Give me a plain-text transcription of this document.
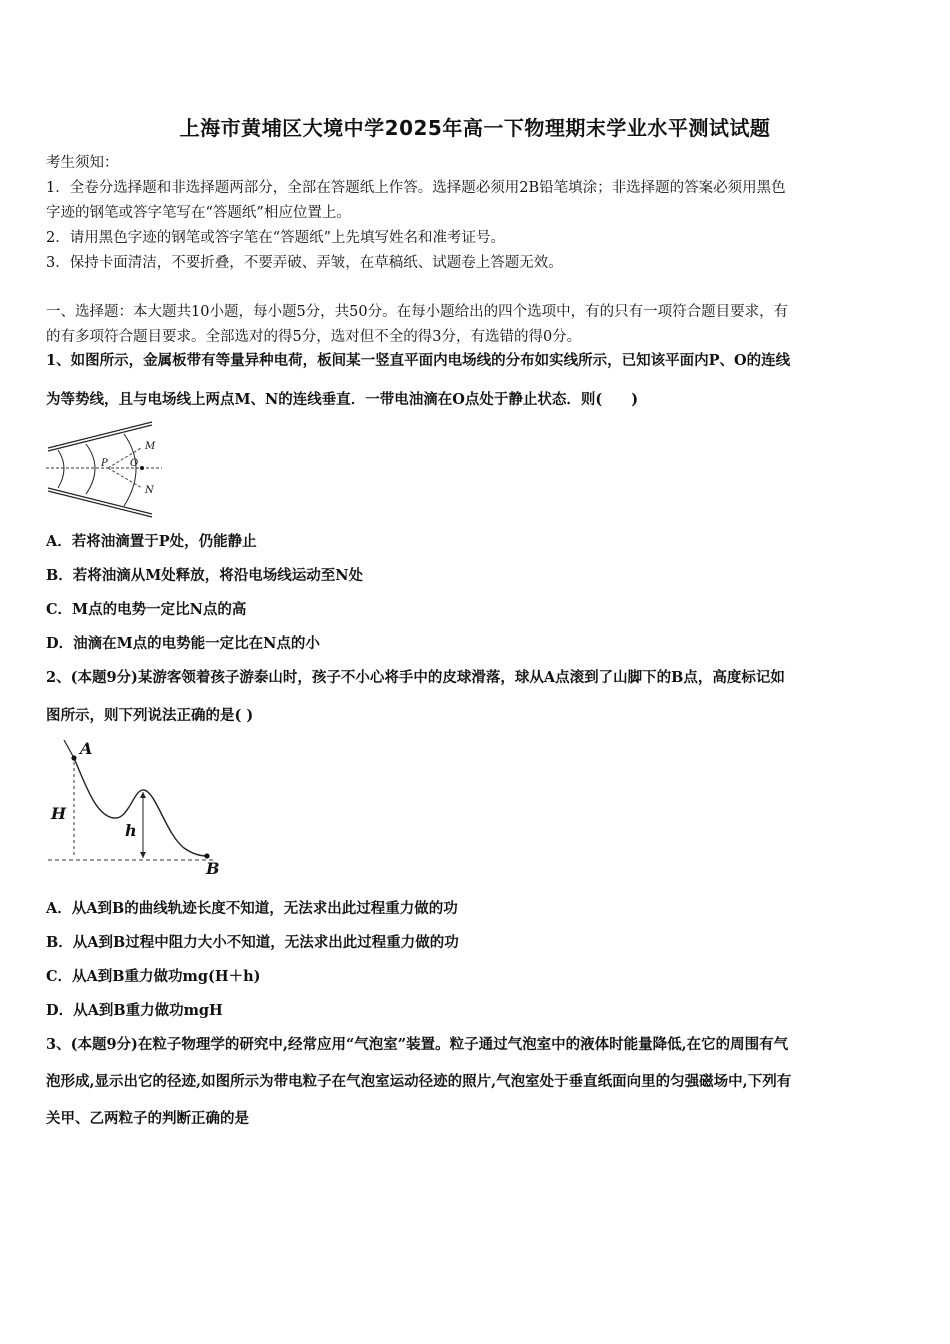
上海市黄埔区大境中学2025年高一下物理期末学业水平测试试题
考生须知：
1．全卷分选择题和非选择题两部分，全部在答题纸上作答。选择题必须用2B铅笔填涂；非选择题的答案必须用黑色
字迹的钢笔或答字笔写在“答题纸”相应位置上。
2．请用黑色字迹的钢笔或答字笔在“答题纸”上先填写姓名和准考证号。
3．保持卡面清洁，不要折叠，不要弄破、弄皱，在草稿纸、试题卷上答题无效。
一、选择题：本大题共10小题，每小题5分，共50分。在每小题给出的四个选项中，有的只有一项符合题目要求，有
的有多项符合题目要求。全部选对的得5分，选对但不全的得3分，有选错的得0分。
1、如图所示，金属板带有等量异种电荷，板间某一竖直平面内电场线的分布如实线所示，已知该平面内P、O的连线
为等势线，且与电场线上两点M、N的连线垂直．一带电油滴在O点处于静止状态．则(　　)
M
P O
N
A．若将油滴置于P处，仍能静止
B．若将油滴从M处释放，将沿电场线运动至N处
C．M点的电势一定比N点的高
D．油滴在M点的电势能一定比在N点的小
2、(本题9分)某游客领着孩子游泰山时，孩子不小心将手中的皮球滑落，球从A点滚到了山脚下的B点，高度标记如
图所示，则下列说法正确的是( )
A
B
H
h
A．从A到B的曲线轨迹长度不知道，无法求出此过程重力做的功
B．从A到B过程中阻力大小不知道，无法求出此过程重力做的功
C．从A到B重力做功mg(H＋h)
D．从A到B重力做功mgH
3、(本题9分)在粒子物理学的研究中,经常应用“气泡室”装置。粒子通过气泡室中的液体时能量降低,在它的周围有气
泡形成,显示出它的径迹,如图所示为带电粒子在气泡室运动径迹的照片,气泡室处于垂直纸面向里的匀强磁场中,下列有
关甲、乙两粒子的判断正确的是
